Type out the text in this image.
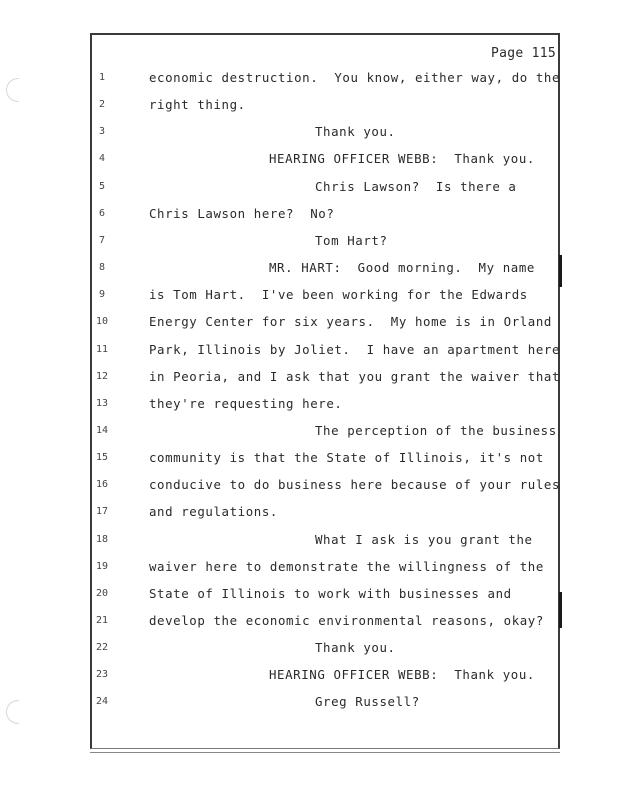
Page 115
1	economic destruction.  You know, either way, do the
2	right thing.
3	Thank you.
4	HEARING OFFICER WEBB:  Thank you.
5	Chris Lawson?  Is there a
6	Chris Lawson here?  No?
7	Tom Hart?
8	MR. HART:  Good morning.  My name
9	is Tom Hart.  I've been working for the Edwards
10	Energy Center for six years.  My home is in Orland
11	Park, Illinois by Joliet.  I have an apartment here
12	in Peoria, and I ask that you grant the waiver that
13	they're requesting here.
14	The perception of the business
15	community is that the State of Illinois, it's not
16	conducive to do business here because of your rules
17	and regulations.
18	What I ask is you grant the
19	waiver here to demonstrate the willingness of the
20	State of Illinois to work with businesses and
21	develop the economic environmental reasons, okay?
22	Thank you.
23	HEARING OFFICER WEBB:  Thank you.
24	Greg Russell?
